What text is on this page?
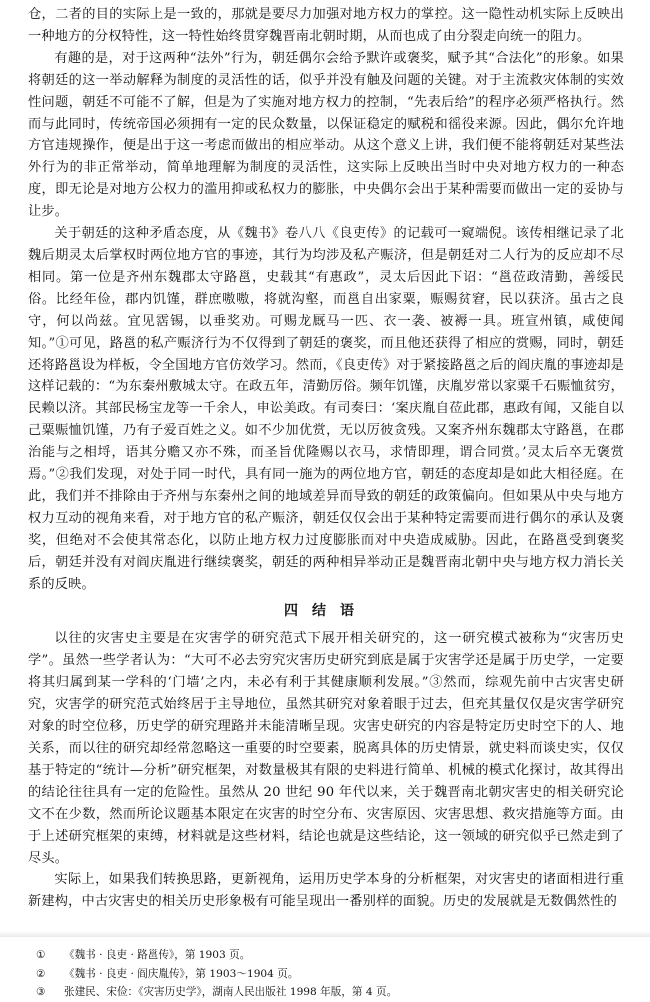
仓，二者的目的实际上是一致的，那就是要尽力加强对地方权力的掌控。这一隐性动机实际上反映出一种地方的分权特性，这一特性始终贯穿魏晋南北朝时期，从而也成了由分裂走向统一的阻力。

有趣的是，对于这两种“法外”行为，朝廷偶尔会给予默许或褒奖，赋予其“合法化”的形象。如果将朝廷的这一举动解释为制度的灵活性的话，似乎并没有触及问题的关键。对于主流救灾体制的实效性问题，朝廷不可能不了解，但是为了实施对地方权力的控制，“先表后给”的程序必须严格执行。然而与此同时，传统帝国必须拥有一定的民众数量，以保证稳定的赋税和徭役来源。因此，偶尔允许地方官违规操作，便是出于这一考虑而做出的相应举动。从这个意义上讲，我们便不能将朝廷对某些法外行为的非正常举动，简单地理解为制度的灵活性，这实际上反映出当时中央对地方权力的一种态度，即无论是对地方公权力的滥用抑或私权力的膨胀，中央偶尔会出于某种需要而做出一定的妥协与让步。

关于朝廷的这种矛盾态度，从《魏书》卷八八《良吏传》的记载可一窥端倪。该传相继记录了北魏后期灵太后掌权时两位地方官的事迹，其行为均涉及私产赈济，但是朝廷对二人行为的反应却不尽相同。第一位是齐州东魏郡太守路邕，史载其“有惠政”，灵太后因此下诏：“邕莅政清勤，善绥民俗。比经年俭，郡内饥馑，群庶嗷嗷，将就沟壑，而邕自出家粟，赈赐贫窘，民以获济。虽古之良守，何以尚兹。宜见霑锡，以垂奖劝。可赐龙厩马一匹、衣一袭、被褥一具。班宣州镇，咸使闻知。”①可见，路邕的私产赈济行为不仅得到了朝廷的褒奖，而且他还获得了相应的赏赐，同时，朝廷还将路邕设为样板，令全国地方官仿效学习。然而，《良吏传》对于紧接路邕之后的阎庆胤的事迹却是这样记载的：“为东秦州敷城太守。在政五年，清勤厉俗。频年饥馑，庆胤岁常以家粟千石赈恤贫穷，民赖以济。其部民杨宝龙等一千余人，申讼美政。有司奏曰：‘案庆胤自莅此郡，惠政有闻，又能自以己粟赈恤饥馑，乃有子爱百姓之义。如不少加优赏，无以厉彼贪残。又案齐州东魏郡太守路邕，在郡治能与之相埒，语其分赡又亦不殊，而圣旨优隆赐以衣马，求情即理，谓合同赏。’灵太后卒无褒赏焉。”②我们发现，对处于同一时代，具有同一施为的两位地方官，朝廷的态度却是如此大相径庭。在此，我们并不排除由于齐州与东秦州之间的地域差异而导致的朝廷的政策偏向。但如果从中央与地方权力互动的视角来看，对于地方官的私产赈济，朝廷仅仅会出于某种特定需要而进行偶尔的承认及褒奖，但绝对不会使其常态化，以防止地方权力过度膨胀而对中央造成威胁。因此，在路邕受到褒奖后，朝廷并没有对阎庆胤进行继续褒奖，朝廷的两种相异举动正是魏晋南北朝中央与地方权力消长关系的反映。

四结语

以往的灾害史主要是在灾害学的研究范式下展开相关研究的，这一研究模式被称为“灾害历史学”。虽然一些学者认为：“大可不必去穷究灾害历史研究到底是属于灾害学还是属于历史学，一定要将其归属到某一学科的‘门墙’之内，未必有利于其健康顺利发展。”③然而，综观先前中古灾害史研究，灾害学的研究范式始终居于主导地位，虽然其研究对象着眼于过去，但充其量仅仅是灾害学研究对象的时空位移，历史学的研究理路并未能清晰呈现。灾害史研究的内容是特定历史时空下的人、地关系，而以往的研究却经常忽略这一重要的时空要素，脱离具体的历史情景，就史料而谈史实，仅仅基于特定的“统计—分析”研究框架，对数量极其有限的史料进行简单、机械的模式化探讨，故其得出的结论往往具有一定的危险性。虽然从 20 世纪 90 年代以来，关于魏晋南北朝灾害史的相关研究论文不在少数，然而所论议题基本限定在灾害的时空分布、灾害原因、灾害思想、救灾措施等方面。由于上述研究框架的束缚，材料就是这些材料，结论也就是这些结论，这一领域的研究似乎已然走到了尽头。

实际上，如果我们转换思路，更新视角，运用历史学本身的分析框架，对灾害史的诸面相进行重新建构，中古灾害史的相关历史形象极有可能呈现出一番别样的面貌。历史的发展就是无数偶然性的

①	《魏书 · 良吏 · 路邕传》，第 1903 页。
②	《魏书 · 良吏 · 阎庆胤传》，第 1903～1904 页。
③	张建民、宋俭：《灾害历史学》，湖南人民出版社 1998 年版，第 4 页。
